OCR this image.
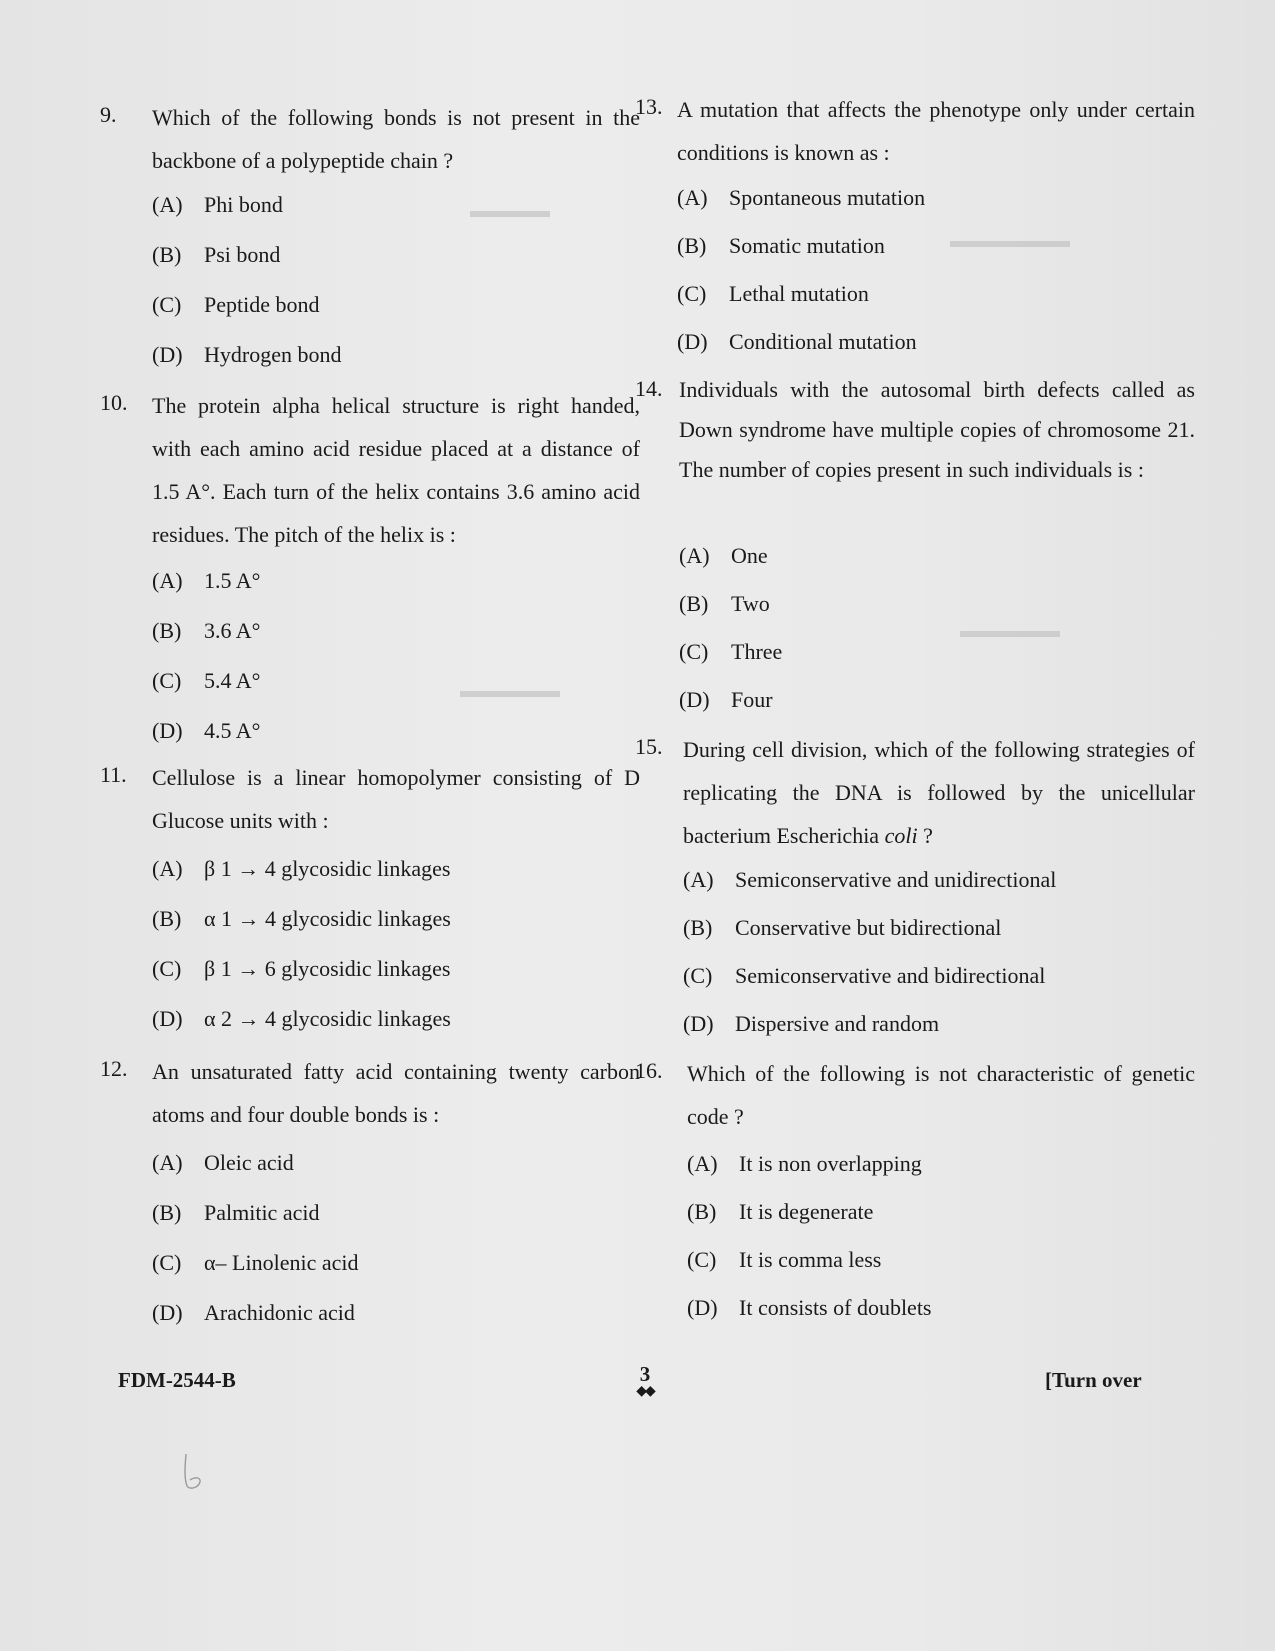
▬▬▬▬
▬▬▬▬▬▬
▬▬▬▬▬
▬▬▬▬▬
9. Which of the following bonds is not present in the backbone of a polypeptide chain ?
(A) Phi bond
(B) Psi bond
(C) Peptide bond
(D) Hydrogen bond
10. The protein alpha helical structure is right handed, with each amino acid residue placed at a distance of 1.5 A°. Each turn of the helix contains 3.6 amino acid residues. The pitch of the helix is :
(A) 1.5 A°
(B) 3.6 A°
(C) 5.4 A°
(D) 4.5 A°
11. Cellulose is a linear homopolymer consisting of D Glucose units with :
(A) β 1 → 4 glycosidic linkages
(B) α 1 → 4 glycosidic linkages
(C) β 1 → 6 glycosidic linkages
(D) α 2 → 4 glycosidic linkages
12. An unsaturated fatty acid containing twenty carbon atoms and four double bonds is :
(A) Oleic acid
(B) Palmitic acid
(C) α– Linolenic acid
(D) Arachidonic acid
13. A mutation that affects the phenotype only under certain conditions is known as :
(A) Spontaneous mutation
(B) Somatic mutation
(C) Lethal mutation
(D) Conditional mutation
14. Individuals with the autosomal birth defects called as Down syndrome have multiple copies of chromosome 21. The number of copies present in such individuals is :
(A) One
(B) Two
(C) Three
(D) Four
15. During cell division, which of the following strategies of replicating the DNA is followed by the unicellular bacterium Escherichia coli ?
(A) Semiconservative and unidirectional
(B) Conservative but bidirectional
(C) Semiconservative and bidirectional
(D) Dispersive and random
16. Which of the following is not characteristic of genetic code ?
(A) It is non overlapping
(B) It is degenerate
(C) It is comma less
(D) It consists of doublets
FDM-2544-B	3
◆◆	[Turn over
